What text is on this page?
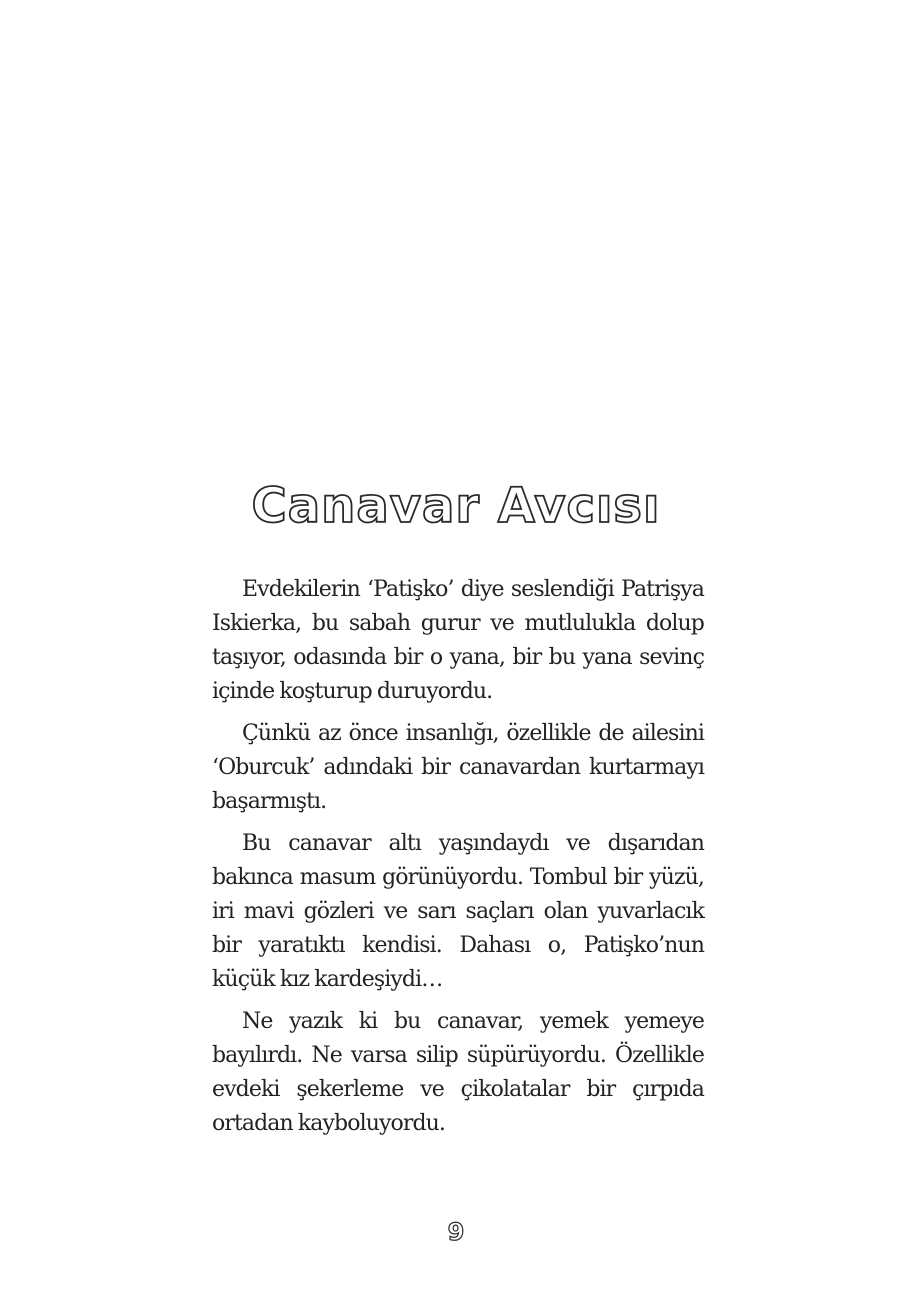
Canavar Avcısı

Evdekilerin ‘Patişko’ diye seslendiği Patrişya Iskierka, bu sabah gurur ve mutlulukla dolup taşıyor, odasında bir o yana, bir bu yana sevinç içinde koşturup duruyordu.

Çünkü az önce insanlığı, özellikle de ailesini ‘Oburcuk’ adındaki bir canavardan kurtarmayı başarmıştı.

Bu canavar altı yaşındaydı ve dışarıdan bakınca masum görünüyordu. Tombul bir yüzü, iri mavi gözleri ve sarı saçları olan yuvarlacık bir yaratıktı kendisi. Dahası o, Patişko’nun küçük kız kardeşiydi…

Ne yazık ki bu canavar, yemek yemeye bayılırdı. Ne varsa silip süpürüyordu. Özellikle evdeki şekerleme ve çikolatalar bir çırpıda ortadan kayboluyordu.

9
